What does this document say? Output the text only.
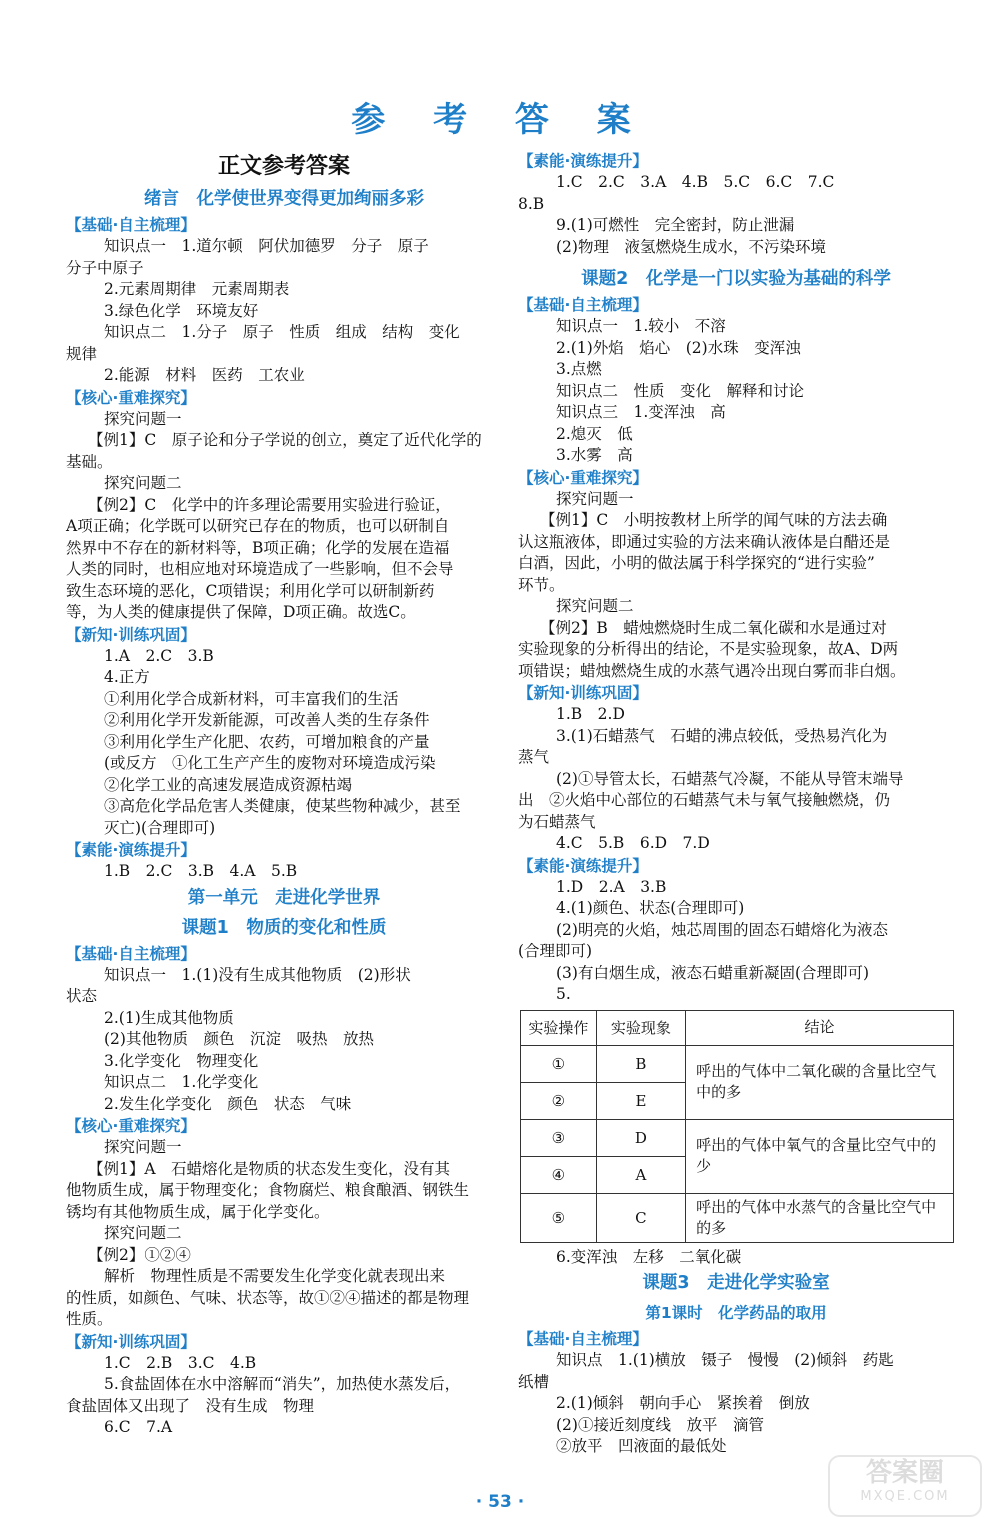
参 考 答 案
正文参考答案
绪言　化学使世界变得更加绚丽多彩
【基础·自主梳理】
知识点一　1.道尔顿　阿伏加德罗　分子　原子
分子中原子
2.元素周期律　元素周期表
3.绿色化学　环境友好
知识点二　1.分子　原子　性质　组成　结构　变化
规律
2.能源　材料　医药　工农业
【核心·重难探究】
探究问题一
【例1】C　原子论和分子学说的创立，奠定了近代化学的
基础。
探究问题二
【例2】C　化学中的许多理论需要用实验进行验证，
A项正确；化学既可以研究已存在的物质，也可以研制自
然界中不存在的新材料等，B项正确；化学的发展在造福
人类的同时，也相应地对环境造成了一些影响，但不会导
致生态环境的恶化，C项错误；利用化学可以研制新药
等，为人类的健康提供了保障，D项正确。故选C。
【新知·训练巩固】
1.A　2.C　3.B
4.正方
①利用化学合成新材料，可丰富我们的生活
②利用化学开发新能源，可改善人类的生存条件
③利用化学生产化肥、农药，可增加粮食的产量
(或反方　①化工生产产生的废物对环境造成污染
②化学工业的高速发展造成资源枯竭
③高危化学品危害人类健康，使某些物种减少，甚至
灭亡)(合理即可)
【素能·演练提升】
1.B　2.C　3.B　4.A　5.B
第一单元　走进化学世界
课题1　物质的变化和性质
【基础·自主梳理】
知识点一　1.(1)没有生成其他物质　(2)形状
状态
2.(1)生成其他物质
(2)其他物质　颜色　沉淀　吸热　放热
3.化学变化　物理变化
知识点二　1.化学变化
2.发生化学变化　颜色　状态　气味
【核心·重难探究】
探究问题一
【例1】A　石蜡熔化是物质的状态发生变化，没有其
他物质生成，属于物理变化；食物腐烂、粮食酿酒、钢铁生
锈均有其他物质生成，属于化学变化。
探究问题二
【例2】①②④
解析　物理性质是不需要发生化学变化就表现出来
的性质，如颜色、气味、状态等，故①②④描述的都是物理
性质。
【新知·训练巩固】
1.C　2.B　3.C　4.B
5.食盐固体在水中溶解而“消失”，加热使水蒸发后，
食盐固体又出现了　没有生成　物理
6.C　7.A
【素能·演练提升】
1.C　2.C　3.A　4.B　5.C　6.C　7.C
8.B
9.(1)可燃性　完全密封，防止泄漏
(2)物理　液氢燃烧生成水，不污染环境
课题2　化学是一门以实验为基础的科学
【基础·自主梳理】
知识点一　1.较小　不溶
2.(1)外焰　焰心　(2)水珠　变浑浊
3.点燃
知识点二　性质　变化　解释和讨论
知识点三　1.变浑浊　高
2.熄灭　低
3.水雾　高
【核心·重难探究】
探究问题一
【例1】C　小明按教材上所学的闻气味的方法去确
认这瓶液体，即通过实验的方法来确认液体是白醋还是
白酒，因此，小明的做法属于科学探究的“进行实验”
环节。
探究问题二
【例2】B　蜡烛燃烧时生成二氧化碳和水是通过对
实验现象的分析得出的结论，不是实验现象，故A、D两
项错误；蜡烛燃烧生成的水蒸气遇冷出现白雾而非白烟。
【新知·训练巩固】
1.B　2.D
3.(1)石蜡蒸气　石蜡的沸点较低，受热易汽化为
蒸气
(2)①导管太长，石蜡蒸气冷凝，不能从导管末端导
出　②火焰中心部位的石蜡蒸气未与氧气接触燃烧，仍
为石蜡蒸气
4.C　5.B　6.D　7.D
【素能·演练提升】
1.D　2.A　3.B
4.(1)颜色、状态(合理即可)
(2)明亮的火焰，烛芯周围的固态石蜡熔化为液态
(合理即可)
(3)有白烟生成，液态石蜡重新凝固(合理即可)
5.
实验操作	实验现象	结论
①	B	呼出的气体中二氧化碳的含量比空气中的多
②	E	
③	D	呼出的气体中氧气的含量比空气中的少
④	A	
⑤	C	呼出的气体中水蒸气的含量比空气中的多
6.变浑浊　左移　二氧化碳
课题3　走进化学实验室
第1课时　化学药品的取用
【基础·自主梳理】
知识点　1.(1)横放　镊子　慢慢　(2)倾斜　药匙
纸槽
2.(1)倾斜　朝向手心　紧挨着　倒放
(2)①接近刻度线　放平　滴管
②放平　凹液面的最低处
· 53 ·
答案圈
MXQE.COM
